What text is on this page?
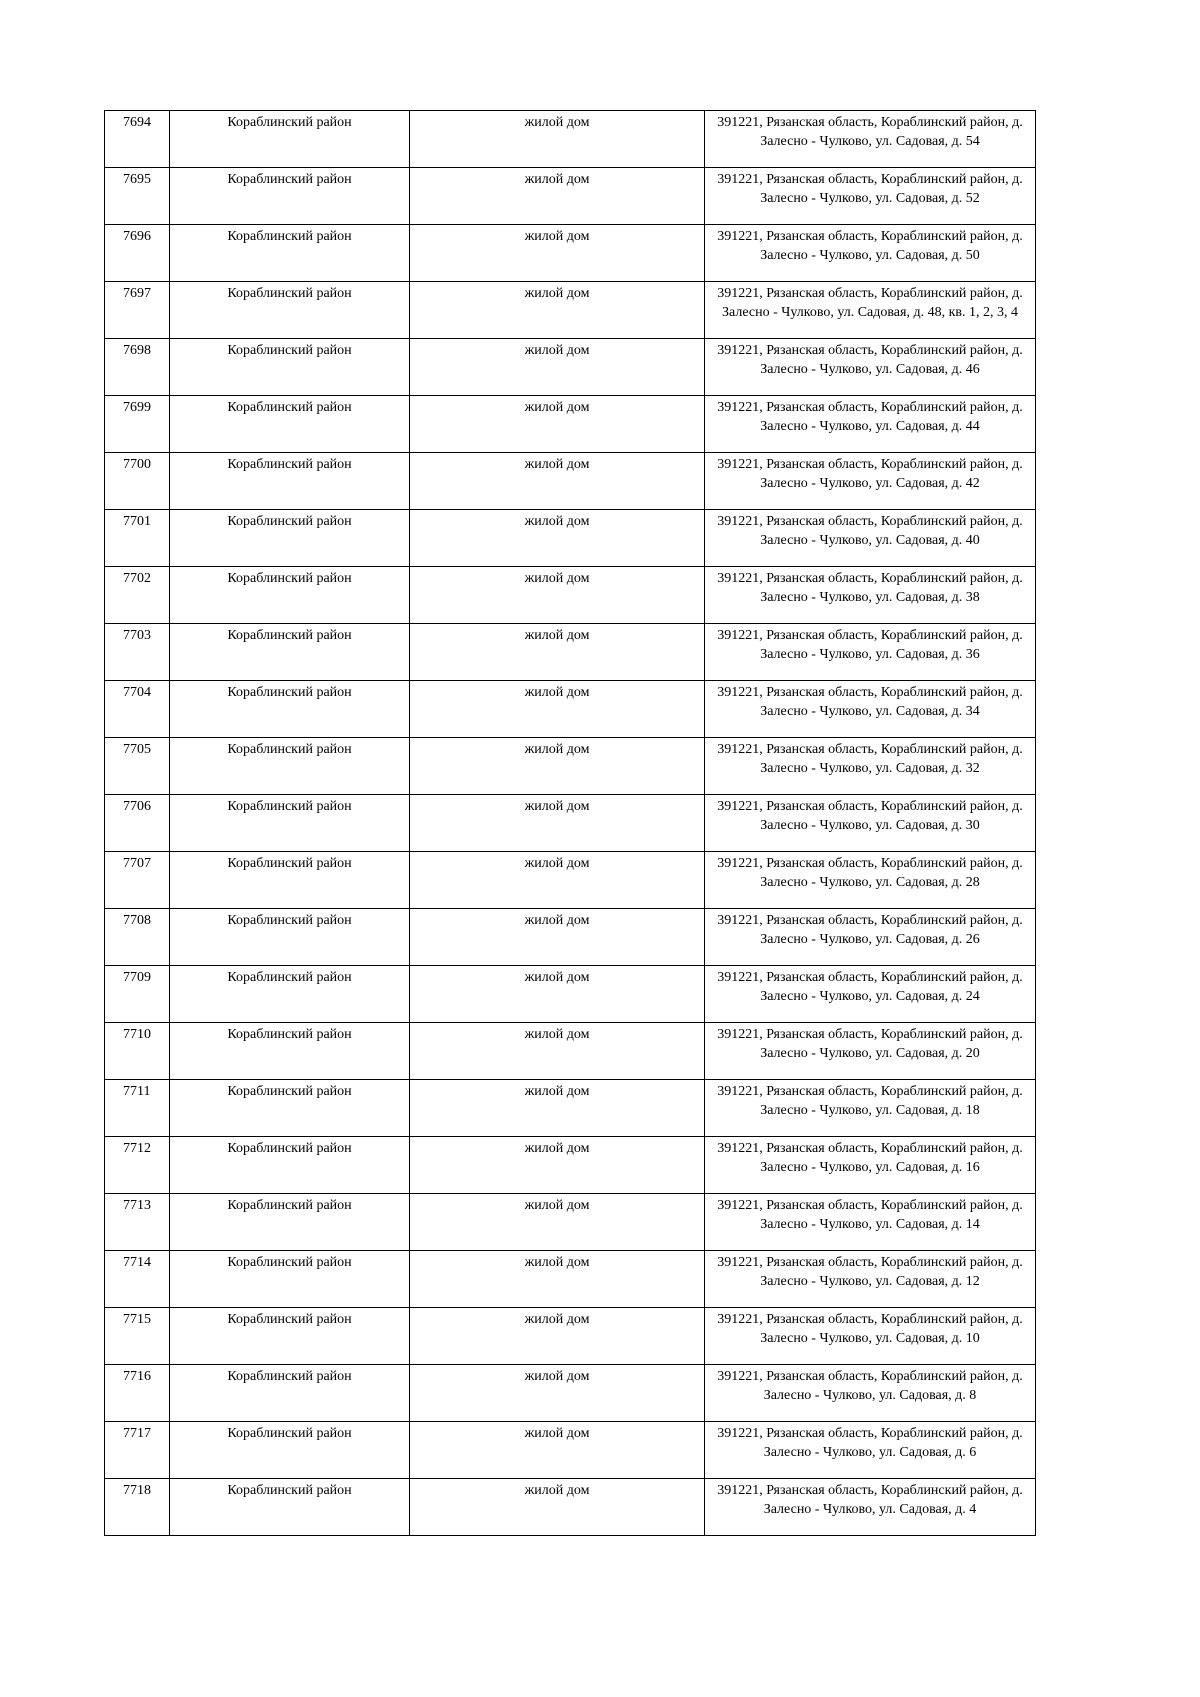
7694	Кораблинский район	жилой дом	391221, Рязанская область, Кораблинский район, д. Залесно - Чулково, ул. Садовая, д. 54

7695	Кораблинский район	жилой дом	391221, Рязанская область, Кораблинский район, д. Залесно - Чулково, ул. Садовая, д. 52

7696	Кораблинский район	жилой дом	391221, Рязанская область, Кораблинский район, д. Залесно - Чулково, ул. Садовая, д. 50

7697	Кораблинский район	жилой дом	391221, Рязанская область, Кораблинский район, д. Залесно - Чулково, ул. Садовая, д. 48, кв. 1, 2, 3, 4

7698	Кораблинский район	жилой дом	391221, Рязанская область, Кораблинский район, д. Залесно - Чулково, ул. Садовая, д. 46

7699	Кораблинский район	жилой дом	391221, Рязанская область, Кораблинский район, д. Залесно - Чулково, ул. Садовая, д. 44

7700	Кораблинский район	жилой дом	391221, Рязанская область, Кораблинский район, д. Залесно - Чулково, ул. Садовая, д. 42

7701	Кораблинский район	жилой дом	391221, Рязанская область, Кораблинский район, д. Залесно - Чулково, ул. Садовая, д. 40

7702	Кораблинский район	жилой дом	391221, Рязанская область, Кораблинский район, д. Залесно - Чулково, ул. Садовая, д. 38

7703	Кораблинский район	жилой дом	391221, Рязанская область, Кораблинский район, д. Залесно - Чулково, ул. Садовая, д. 36

7704	Кораблинский район	жилой дом	391221, Рязанская область, Кораблинский район, д. Залесно - Чулково, ул. Садовая, д. 34

7705	Кораблинский район	жилой дом	391221, Рязанская область, Кораблинский район, д. Залесно - Чулково, ул. Садовая, д. 32

7706	Кораблинский район	жилой дом	391221, Рязанская область, Кораблинский район, д. Залесно - Чулково, ул. Садовая, д. 30

7707	Кораблинский район	жилой дом	391221, Рязанская область, Кораблинский район, д. Залесно - Чулково, ул. Садовая, д. 28

7708	Кораблинский район	жилой дом	391221, Рязанская область, Кораблинский район, д. Залесно - Чулково, ул. Садовая, д. 26

7709	Кораблинский район	жилой дом	391221, Рязанская область, Кораблинский район, д. Залесно - Чулково, ул. Садовая, д. 24

7710	Кораблинский район	жилой дом	391221, Рязанская область, Кораблинский район, д. Залесно - Чулково, ул. Садовая, д. 20

7711	Кораблинский район	жилой дом	391221, Рязанская область, Кораблинский район, д. Залесно - Чулково, ул. Садовая, д. 18

7712	Кораблинский район	жилой дом	391221, Рязанская область, Кораблинский район, д. Залесно - Чулково, ул. Садовая, д. 16

7713	Кораблинский район	жилой дом	391221, Рязанская область, Кораблинский район, д. Залесно - Чулково, ул. Садовая, д. 14

7714	Кораблинский район	жилой дом	391221, Рязанская область, Кораблинский район, д. Залесно - Чулково, ул. Садовая, д. 12

7715	Кораблинский район	жилой дом	391221, Рязанская область, Кораблинский район, д. Залесно - Чулково, ул. Садовая, д. 10

7716	Кораблинский район	жилой дом	391221, Рязанская область, Кораблинский район, д. Залесно - Чулково, ул. Садовая, д. 8

7717	Кораблинский район	жилой дом	391221, Рязанская область, Кораблинский район, д. Залесно - Чулково, ул. Садовая, д. 6

7718	Кораблинский район	жилой дом	391221, Рязанская область, Кораблинский район, д. Залесно - Чулково, ул. Садовая, д. 4
